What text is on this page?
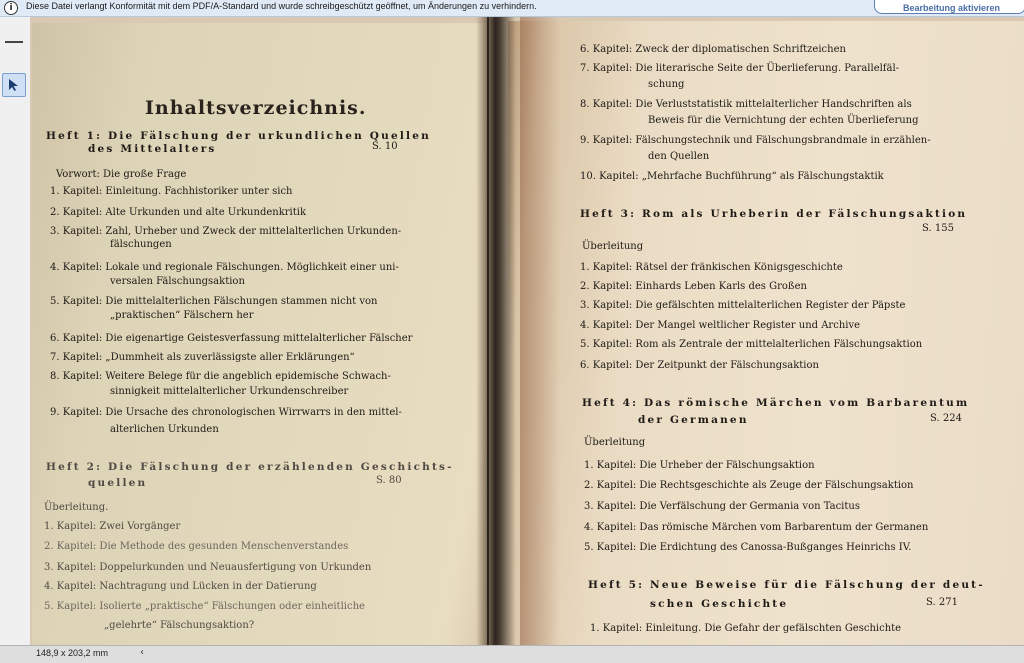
i	Diese Datei verlangt Konformität mit dem PDF/A-Standard und wurde schreibgeschützt geöffnet, um Änderungen zu verhindern.	Bearbeitung aktivieren
Inhaltsverzeichnis.
Heft 1: Die Fälschung der urkundlichen Quellen
des Mittelalters	S. 10
Vorwort: Die große Frage
1. Kapitel: Einleitung. Fachhistoriker unter sich
2. Kapitel: Alte Urkunden und alte Urkundenkritik
3. Kapitel: Zahl, Urheber und Zweck der mittelalterlichen Urkunden-
fälschungen
4. Kapitel: Lokale und regionale Fälschungen. Möglichkeit einer uni-
versalen Fälschungsaktion
5. Kapitel: Die mittelalterlichen Fälschungen stammen nicht von
„praktischen“ Fälschern her
6. Kapitel: Die eigenartige Geistesverfassung mittelalterlicher Fälscher
7. Kapitel: „Dummheit als zuverlässigste aller Erklärungen“
8. Kapitel: Weitere Belege für die angeblich epidemische Schwach-
sinnigkeit mittelalterlicher Urkundenschreiber
9. Kapitel: Die Ursache des chronologischen Wirrwarrs in den mittel-
alterlichen Urkunden
Heft 2: Die Fälschung der erzählenden Geschichts-
quellen	S. 80
Überleitung.
1. Kapitel: Zwei Vorgänger
2. Kapitel: Die Methode des gesunden Menschenverstandes
3. Kapitel: Doppelurkunden und Neuausfertigung von Urkunden
4. Kapitel: Nachtragung und Lücken in der Datierung
5. Kapitel: Isolierte „praktische“ Fälschungen oder einheitliche
„gelehrte“ Fälschungsaktion?
6. Kapitel: Zweck der diplomatischen Schriftzeichen
7. Kapitel: Die literarische Seite der Überlieferung. Parallelfäl-
schung
8. Kapitel: Die Verluststatistik mittelalterlicher Handschriften als
Beweis für die Vernichtung der echten Überlieferung
9. Kapitel: Fälschungstechnik und Fälschungsbrandmale in erzählen-
den Quellen
10. Kapitel: „Mehrfache Buchführung“ als Fälschungstaktik
Heft 3: Rom als Urheberin der Fälschungsaktion
S. 155
Überleitung
1. Kapitel: Rätsel der fränkischen Königsgeschichte
2. Kapitel: Einhards Leben Karls des Großen
3. Kapitel: Die gefälschten mittelalterlichen Register der Päpste
4. Kapitel: Der Mangel weltlicher Register und Archive
5. Kapitel: Rom als Zentrale der mittelalterlichen Fälschungsaktion
6. Kapitel: Der Zeitpunkt der Fälschungsaktion
Heft 4: Das römische Märchen vom Barbarentum
der Germanen	S. 224
Überleitung
1. Kapitel: Die Urheber der Fälschungsaktion
2. Kapitel: Die Rechtsgeschichte als Zeuge der Fälschungsaktion
3. Kapitel: Die Verfälschung der Germania von Tacitus
4. Kapitel: Das römische Märchen vom Barbarentum der Germanen
5. Kapitel: Die Erdichtung des Canossa-Bußganges Heinrichs IV.
Heft 5: Neue Beweise für die Fälschung der deut-
schen Geschichte	S. 271
1. Kapitel: Einleitung. Die Gefahr der gefälschten Geschichte
148,9 x 203,2 mm	‹
